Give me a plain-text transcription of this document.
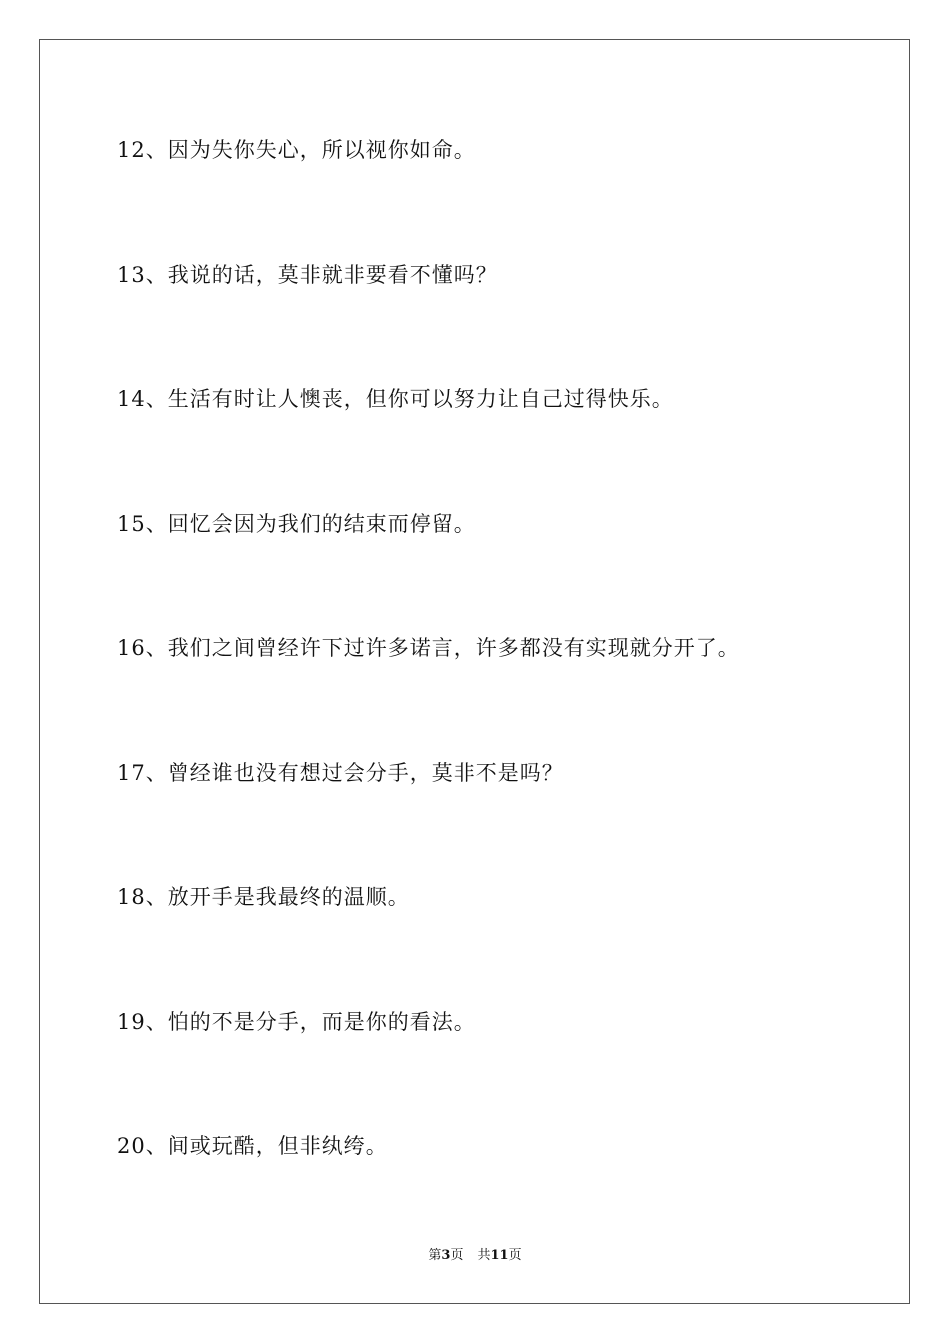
12、因为失你失心，所以视你如命。
13、我说的话，莫非就非要看不懂吗？
14、生活有时让人懊丧，但你可以努力让自己过得快乐。
15、回忆会因为我们的结束而停留。
16、我们之间曾经许下过许多诺言，许多都没有实现就分开了。
17、曾经谁也没有想过会分手，莫非不是吗？
18、放开手是我最终的温顺。
19、怕的不是分手，而是你的看法。
20、间或玩酷，但非纨绔。
第3页 共11页
